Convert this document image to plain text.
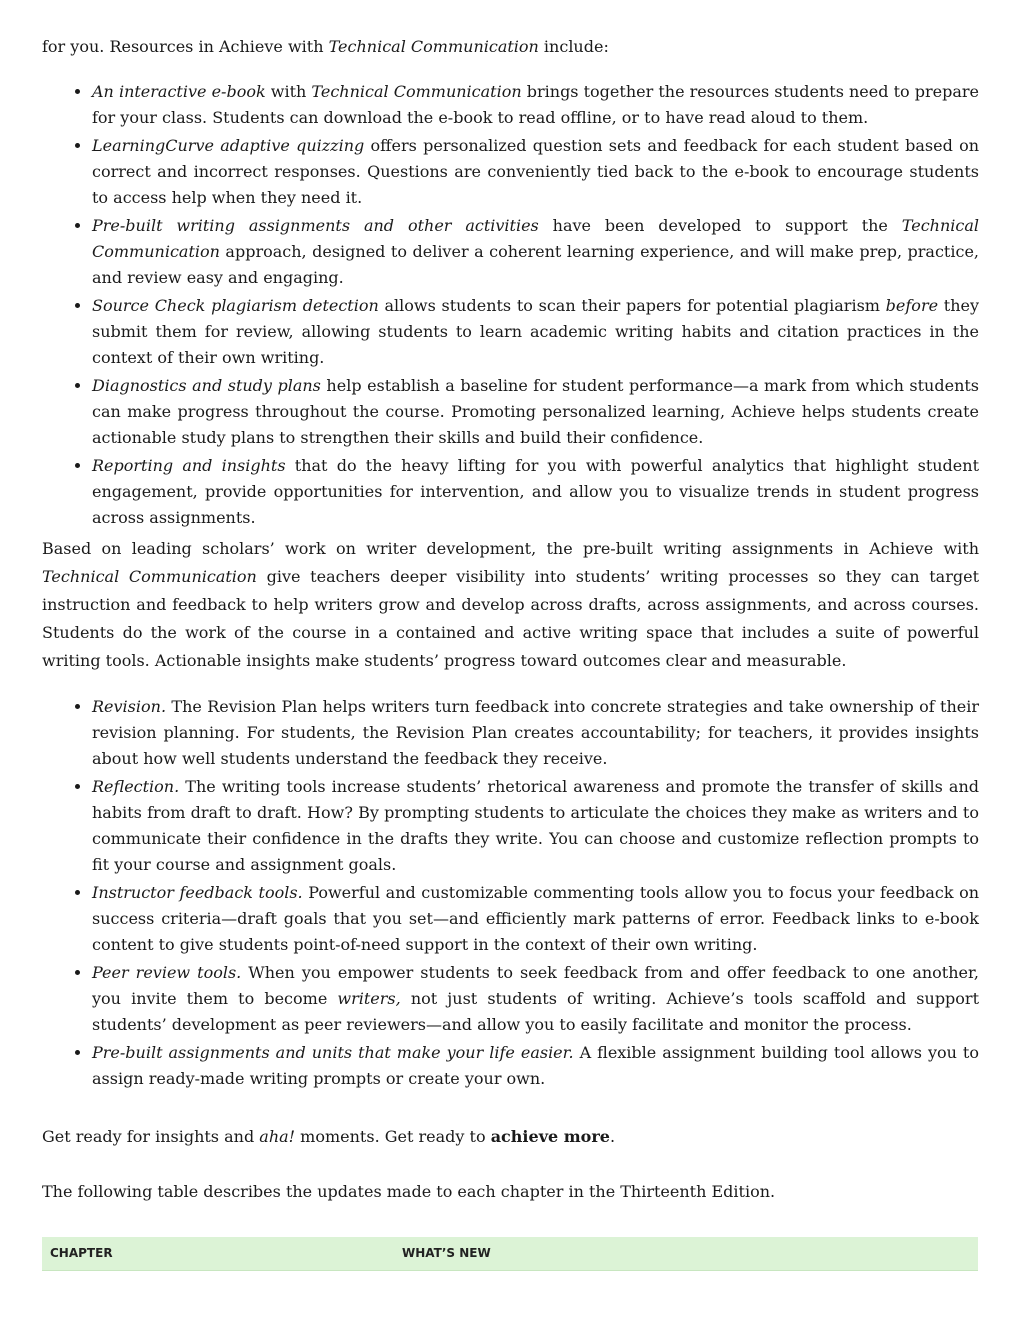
for you. Resources in Achieve with Technical Communication include:

• An interactive e-book with Technical Communication brings together the resources students need to prepare for your class. Students can download the e-book to read offline, or to have read aloud to them.
• LearningCurve adaptive quizzing offers personalized question sets and feedback for each student based on correct and incorrect responses. Questions are conveniently tied back to the e-book to encourage students to access help when they need it.
• Pre-built writing assignments and other activities have been developed to support the Technical Communication approach, designed to deliver a coherent learning experience, and will make prep, practice, and review easy and engaging.
• Source Check plagiarism detection allows students to scan their papers for potential plagiarism before they submit them for review, allowing students to learn academic writing habits and citation practices in the context of their own writing.
• Diagnostics and study plans help establish a baseline for student performance—a mark from which students can make progress throughout the course. Promoting personalized learning, Achieve helps students create actionable study plans to strengthen their skills and build their confidence.
• Reporting and insights that do the heavy lifting for you with powerful analytics that highlight student engagement, provide opportunities for intervention, and allow you to visualize trends in student progress across assignments.

Based on leading scholars’ work on writer development, the pre-built writing assignments in Achieve with Technical Communication give teachers deeper visibility into students’ writing processes so they can target instruction and feedback to help writers grow and develop across drafts, across assignments, and across courses. Students do the work of the course in a contained and active writing space that includes a suite of powerful writing tools. Actionable insights make students’ progress toward outcomes clear and measurable.

• Revision. The Revision Plan helps writers turn feedback into concrete strategies and take ownership of their revision planning. For students, the Revision Plan creates accountability; for teachers, it provides insights about how well students understand the feedback they receive.
• Reflection. The writing tools increase students’ rhetorical awareness and promote the transfer of skills and habits from draft to draft. How? By prompting students to articulate the choices they make as writers and to communicate their confidence in the drafts they write. You can choose and customize reflection prompts to fit your course and assignment goals.
• Instructor feedback tools. Powerful and customizable commenting tools allow you to focus your feedback on success criteria—draft goals that you set—and efficiently mark patterns of error. Feedback links to e-book content to give students point-of-need support in the context of their own writing.
• Peer review tools. When you empower students to seek feedback from and offer feedback to one another, you invite them to become writers, not just students of writing. Achieve’s tools scaffold and support students’ development as peer reviewers—and allow you to easily facilitate and monitor the process.
• Pre-built assignments and units that make your life easier. A flexible assignment building tool allows you to assign ready-made writing prompts or create your own.

Get ready for insights and aha! moments. Get ready to achieve more.

The following table describes the updates made to each chapter in the Thirteenth Edition.

CHAPTER	WHAT’S NEW
